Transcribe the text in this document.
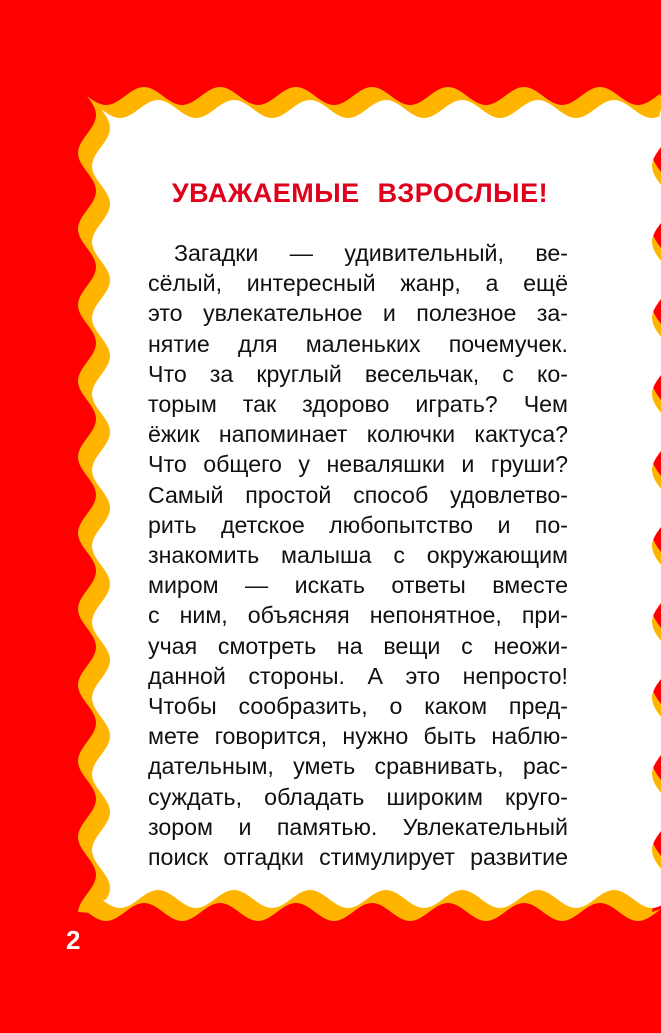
УВАЖАЕМЫЕ ВЗРОСЛЫЕ!
Загадки — удивительный, ве-
сёлый, интересный жанр, а ещё
это увлекательное и полезное за-
нятие для маленьких почемучек.
Что за круглый весельчак, с ко-
торым так здорово играть? Чем
ёжик напоминает колючки кактуса?
Что общего у неваляшки и груши?
Самый простой способ удовлетво-
рить детское любопытство и по-
знакомить малыша с окружающим
миром — искать ответы вместе
с ним, объясняя непонятное, при-
учая смотреть на вещи с неожи-
данной стороны. А это непросто!
Чтобы сообразить, о каком пред-
мете говорится, нужно быть наблю-
дательным, уметь сравнивать, рас-
суждать, обладать широким круго-
зором и памятью. Увлекательный
поиск отгадки стимулирует развитие
2
